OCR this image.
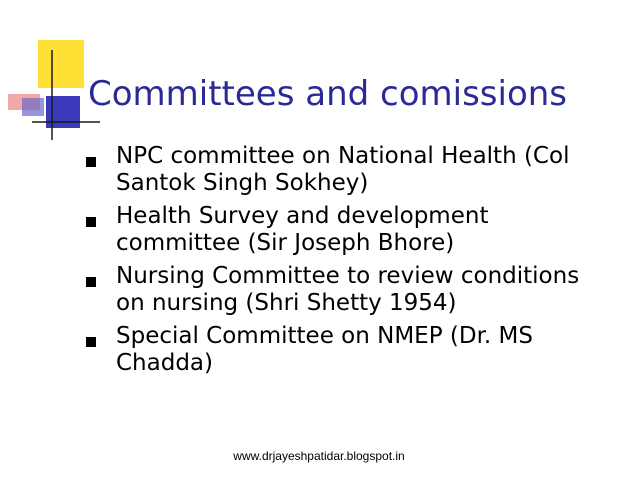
Committees and comissions
NPC committee on National Health (Col
Santok Singh Sokhey)
Health Survey and development
committee (Sir Joseph Bhore)
Nursing Committee to review conditions
on nursing (Shri Shetty 1954)
Special Committee on NMEP (Dr. MS
Chadda)
www.drjayeshpatidar.blogspot.in
